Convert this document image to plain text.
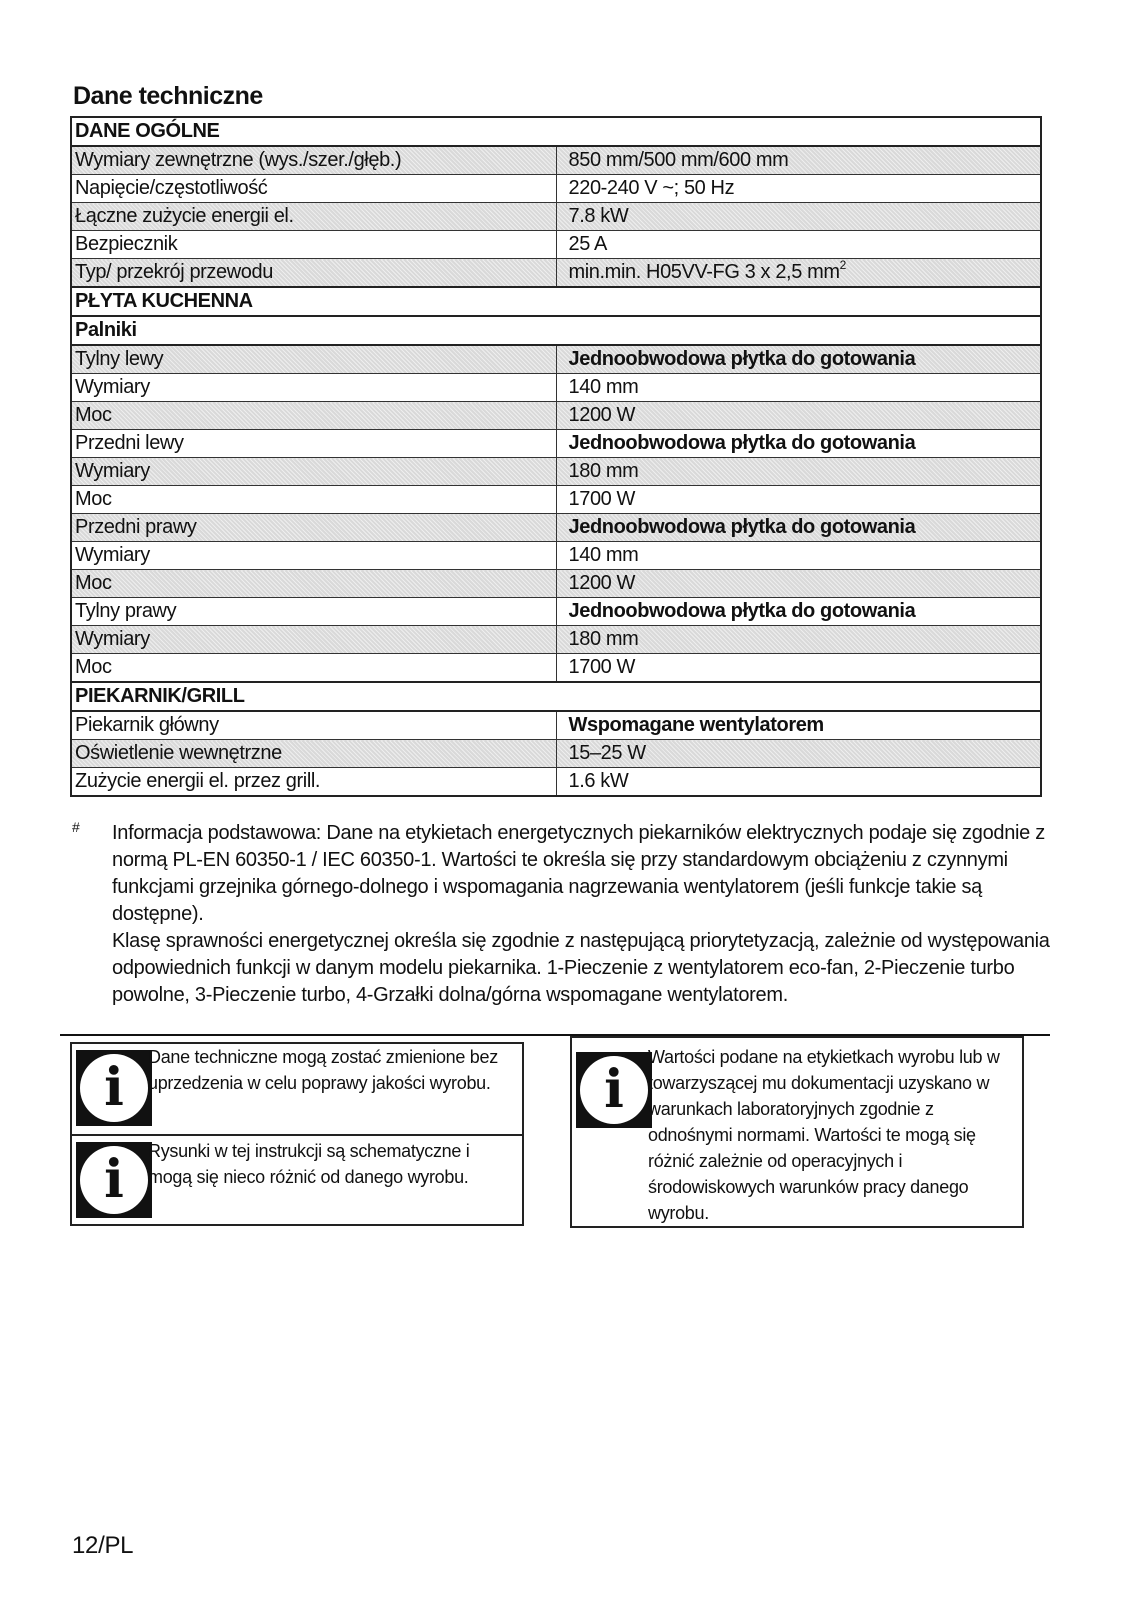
Dane techniczne
DANE OGÓLNE	
Wymiary zewnętrzne (wys./szer./głęb.)	850 mm/500 mm/600 mm
Napięcie/częstotliwość	220-240 V ~; 50 Hz
Łączne zużycie energii el.	7.8 kW
Bezpiecznik	25 A
Typ/ przekrój przewodu	min.min. H05VV-FG 3 x 2,5 $mm^2$
PŁYTA KUCHENNA	
Palniki	
Tylny lewy	Jednoobwodowa płytka do gotowania
Wymiary	140 mm
Moc	1200 W
Przedni lewy	Jednoobwodowa płytka do gotowania
Wymiary	180 mm
Moc	1700 W
Przedni prawy	Jednoobwodowa płytka do gotowania
Wymiary	140 mm
Moc	1200 W
Tylny prawy	Jednoobwodowa płytka do gotowania
Wymiary	180 mm
Moc	1700 W
PIEKARNIK/GRILL	
Piekarnik główny	Wspomagane wentylatorem
Oświetlenie wewnętrzne	15–25 W
Zużycie energii el. przez grill.	1.6 kW
# Informacja podstawowa: Dane na etykietach energetycznych piekarników elektrycznych podaje się zgodnie z normą PL-EN 60350-1 / IEC 60350-1. Wartości te określa się przy standardowym obciążeniu z czynnymi funkcjami grzejnika górnego-dolnego i wspomagania nagrzewania wentylatorem (jeśli funkcje takie są dostępne).

Klasę sprawności energetycznej określa się zgodnie z następującą priorytetyzacją, zależnie od występowania odpowiednich funkcji w danym modelu piekarnika. 1-Pieczenie z wentylatorem eco-fan, 2-Pieczenie turbo powolne, 3-Pieczenie turbo, 4-Grzałki dolna/górna wspomagane wentylatorem.

i	Dane techniczne mogą zostać zmienione bez uprzedzenia w celu poprawy jakości wyrobu.
i	Rysunki w tej instrukcji są schematyczne i mogą się nieco różnić od danego wyrobu.
i
Wartości podane na etykietkach wyrobu lub w towarzyszącej mu dokumentacji uzyskano w warunkach laboratoryjnych zgodnie z odnośnymi normami. Wartości te mogą się różnić zależnie od operacyjnych i środowiskowych warunków pracy danego wyrobu.
12/PL
